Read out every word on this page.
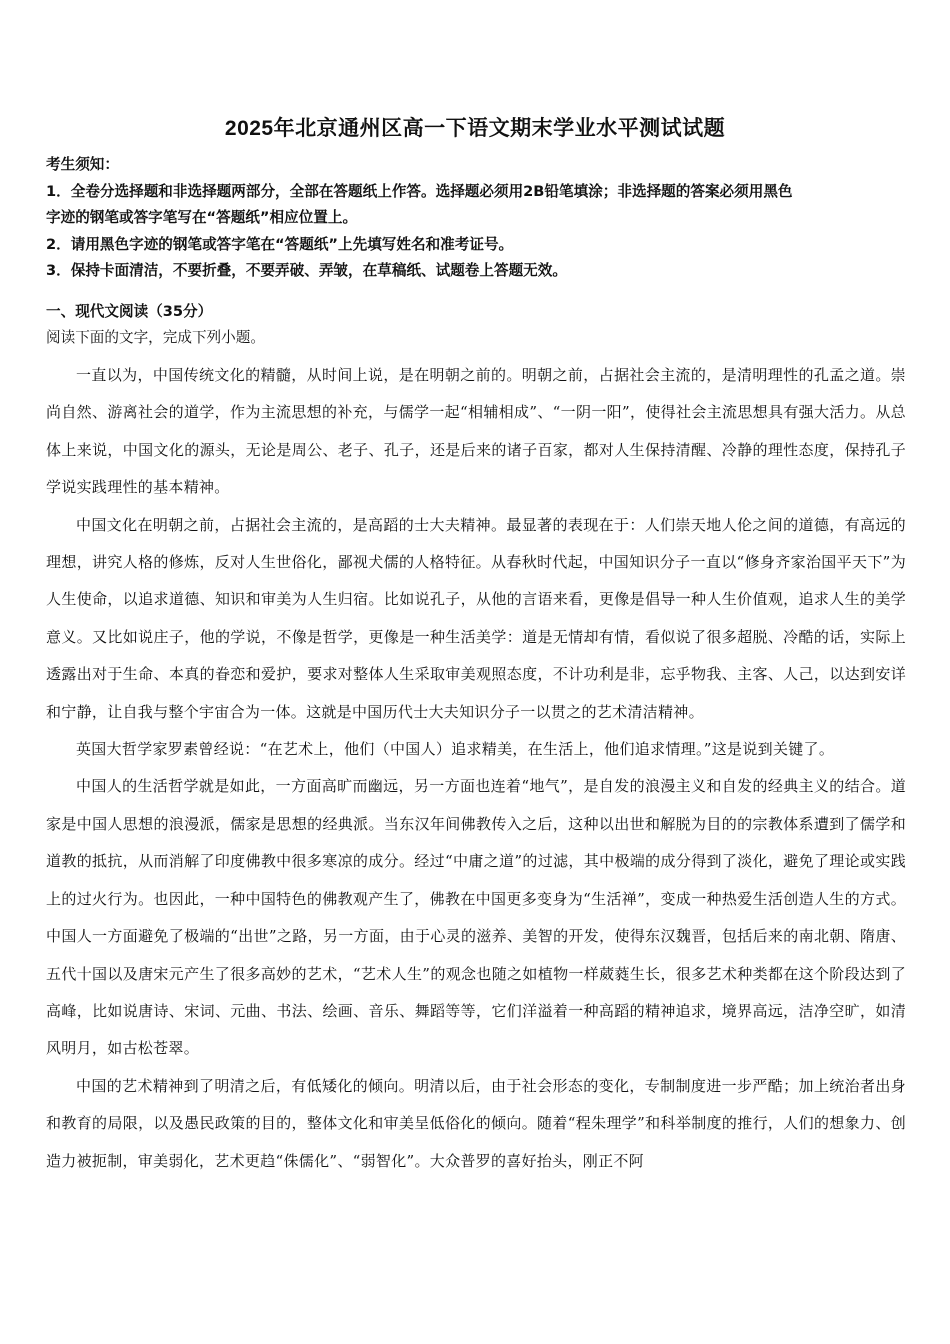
2025年北京通州区高一下语文期末学业水平测试试题
考生须知：
1．全卷分选择题和非选择题两部分，全部在答题纸上作答。选择题必须用2B铅笔填涂；非选择题的答案必须用黑色
字迹的钢笔或答字笔写在“答题纸”相应位置上。
2．请用黑色字迹的钢笔或答字笔在“答题纸”上先填写姓名和准考证号。
3．保持卡面清洁，不要折叠，不要弄破、弄皱，在草稿纸、试题卷上答题无效。
一、现代文阅读（35分）
阅读下面的文字，完成下列小题。

一直以为，中国传统文化的精髓，从时间上说，是在明朝之前的。明朝之前，占据社会主流的，是清明理性的孔孟之道。崇尚自然、游离社会的道学，作为主流思想的补充，与儒学一起“相辅相成”、“一阴一阳”，使得社会主流思想具有强大活力。从总体上来说，中国文化的源头，无论是周公、老子、孔子，还是后来的诸子百家，都对人生保持清醒、冷静的理性态度，保持孔子学说实践理性的基本精神。

中国文化在明朝之前，占据社会主流的，是高蹈的士大夫精神。最显著的表现在于：人们崇天地人伦之间的道德，有高远的理想，讲究人格的修炼，反对人生世俗化，鄙视犬儒的人格特征。从春秋时代起，中国知识分子一直以“修身齐家治国平天下”为人生使命，以追求道德、知识和审美为人生归宿。比如说孔子，从他的言语来看，更像是倡导一种人生价值观，追求人生的美学意义。又比如说庄子，他的学说，不像是哲学，更像是一种生活美学：道是无情却有情，看似说了很多超脱、冷酷的话，实际上透露出对于生命、本真的眷恋和爱护，要求对整体人生采取审美观照态度，不计功利是非，忘乎物我、主客、人己，以达到安详和宁静，让自我与整个宇宙合为一体。这就是中国历代士大夫知识分子一以贯之的艺术清洁精神。

英国大哲学家罗素曾经说：“在艺术上，他们（中国人）追求精美，在生活上，他们追求情理。”这是说到关键了。

中国人的生活哲学就是如此，一方面高旷而幽远，另一方面也连着“地气”，是自发的浪漫主义和自发的经典主义的结合。道家是中国人思想的浪漫派，儒家是思想的经典派。当东汉年间佛教传入之后，这种以出世和解脱为目的的宗教体系遭到了儒学和道教的抵抗，从而消解了印度佛教中很多寒凉的成分。经过“中庸之道”的过滤，其中极端的成分得到了淡化，避免了理论或实践上的过火行为。也因此，一种中国特色的佛教观产生了，佛教在中国更多变身为“生活禅”，变成一种热爱生活创造人生的方式。中国人一方面避免了极端的“出世”之路，另一方面，由于心灵的滋养、美智的开发，使得东汉魏晋，包括后来的南北朝、隋唐、五代十国以及唐宋元产生了很多高妙的艺术，“艺术人生”的观念也随之如植物一样葳蕤生长，很多艺术种类都在这个阶段达到了高峰，比如说唐诗、宋词、元曲、书法、绘画、音乐、舞蹈等等，它们洋溢着一种高蹈的精神追求，境界高远，洁净空旷，如清风明月，如古松苍翠。

中国的艺术精神到了明清之后，有低矮化的倾向。明清以后，由于社会形态的变化，专制制度进一步严酷；加上统治者出身和教育的局限，以及愚民政策的目的，整体文化和审美呈低俗化的倾向。随着“程朱理学”和科举制度的推行，人们的想象力、创造力被扼制，审美弱化，艺术更趋“侏儒化”、“弱智化”。大众普罗的喜好抬头，刚正不阿
